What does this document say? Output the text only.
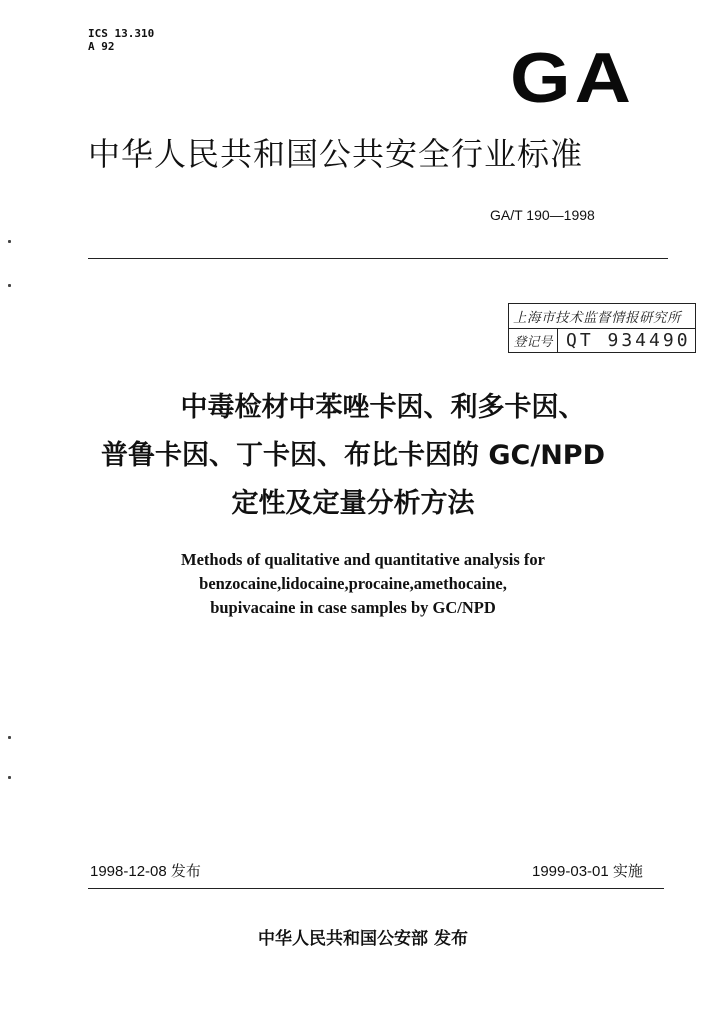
ICS 13.310
A 92	GA
中华人民共和国公共安全行业标准
GA/T 190—1998
上海市技术监督情报研究所
登记号 QT 934490
中毒检材中苯唑卡因、利多卡因、
普鲁卡因、丁卡因、布比卡因的 GC/NPD
定性及定量分析方法
Methods of qualitative and quantitative analysis for
benzocaine,lidocaine,procaine,amethocaine,
bupivacaine in case samples by GC/NPD
1998-12-08 发布	1999-03-01 实施
中华人民共和国公安部 发布
